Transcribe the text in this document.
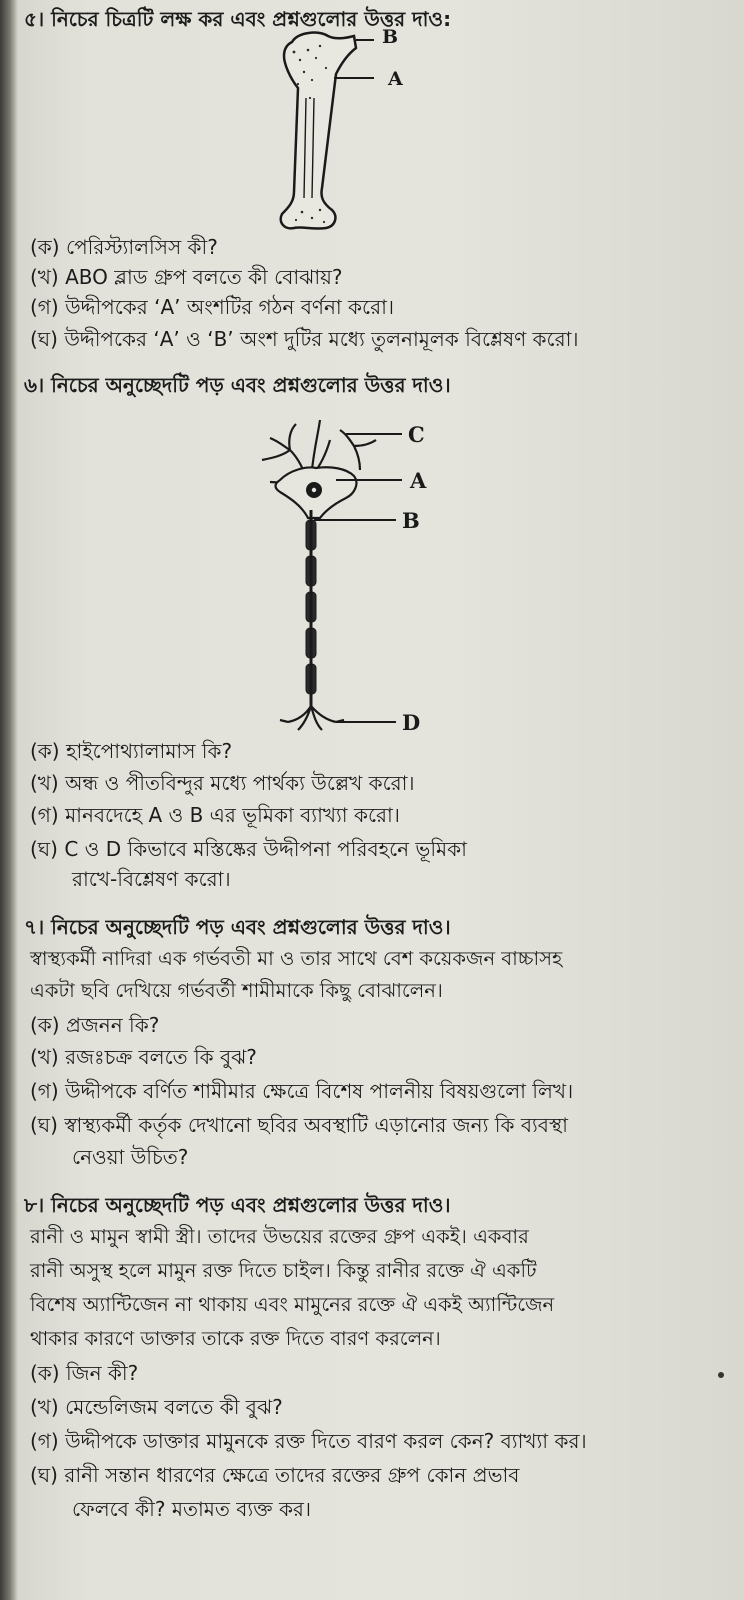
৫। নিচের চিত্রটি লক্ষ কর এবং প্রশ্নগুলোর উত্তর দাও:
B
A
(ক) পেরিস্ট্যালসিস কী?
(খ) ABO ব্লাড গ্রুপ বলতে কী বোঝায়?
(গ) উদ্দীপকের ‘A’ অংশটির গঠন বর্ণনা করো।
(ঘ) উদ্দীপকের ‘A’ ও ‘B’ অংশ দুটির মধ্যে তুলনামূলক বিশ্লেষণ করো।
৬। নিচের অনুচ্ছেদটি পড় এবং প্রশ্নগুলোর উত্তর দাও।
C
A
B
D
(ক) হাইপোথ্যালামাস কি?
(খ) অন্ধ ও পীতবিন্দুর মধ্যে পার্থক্য উল্লেখ করো।
(গ) মানবদেহে A ও B এর ভূমিকা ব্যাখ্যা করো।
(ঘ) C ও D কিভাবে মস্তিষ্কের উদ্দীপনা পরিবহনে ভূমিকা
রাখে-বিশ্লেষণ করো।
৭। নিচের অনুচ্ছেদটি পড় এবং প্রশ্নগুলোর উত্তর দাও।
স্বাস্থ্যকর্মী নাদিরা এক গর্ভবতী মা ও তার সাথে বেশ কয়েকজন বাচ্চাসহ
একটা ছবি দেখিয়ে গর্ভবর্তী শামীমাকে কিছু বোঝালেন।
(ক) প্রজনন কি?
(খ) রজঃচক্র বলতে কি বুঝ?
(গ) উদ্দীপকে বর্ণিত শামীমার ক্ষেত্রে বিশেষ পালনীয় বিষয়গুলো লিখ।
(ঘ) স্বাস্থ্যকর্মী কর্তৃক দেখানো ছবির অবস্থাটি এড়ানোর জন্য কি ব্যবস্থা
নেওয়া উচিত?
৮। নিচের অনুচ্ছেদটি পড় এবং প্রশ্নগুলোর উত্তর দাও।
রানী ও মামুন স্বামী স্ত্রী। তাদের উভয়ের রক্তের গ্রুপ একই। একবার
রানী অসুস্থ হলে মামুন রক্ত দিতে চাইল। কিন্তু রানীর রক্তে ঐ একটি
বিশেষ অ্যান্টিজেন না থাকায় এবং মামুনের রক্তে ঐ একই অ্যান্টিজেন
থাকার কারণে ডাক্তার তাকে রক্ত দিতে বারণ করলেন।
(ক) জিন কী?
(খ) মেন্ডেলিজম বলতে কী বুঝ?
(গ) উদ্দীপকে ডাক্তার মামুনকে রক্ত দিতে বারণ করল কেন? ব্যাখ্যা কর।
(ঘ) রানী সন্তান ধারণের ক্ষেত্রে তাদের রক্তের গ্রুপ কোন প্রভাব
ফেলবে কী? মতামত ব্যক্ত কর।
